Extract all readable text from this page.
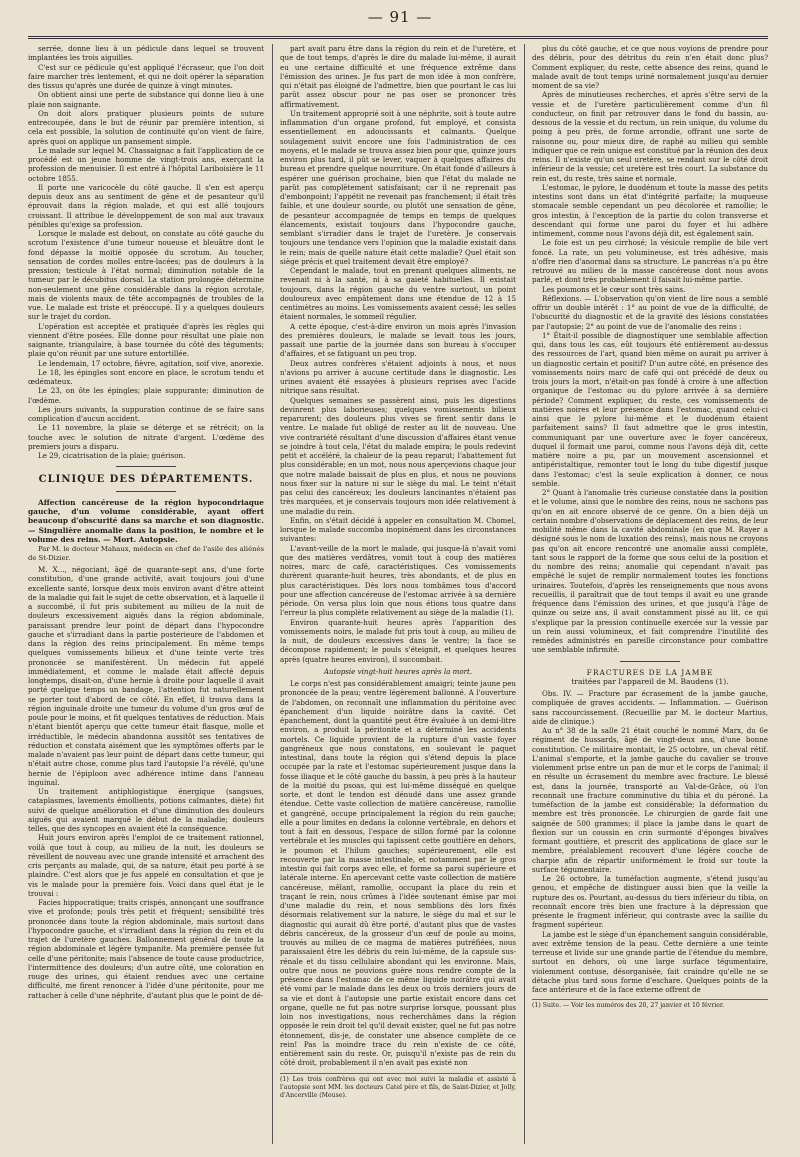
— 91 —

serrée, donne lieu à un pédicule dans lequel se trouvent implantées les trois aiguilles.

C'est sur ce pédicule qu'est appliqué l'écraseur, que l'on doit faire marcher très lentement, et qui ne doit opérer la séparation des tissus qu'après une durée de quinze à vingt minutes.

On obtient ainsi une perte de substance qui donne lieu à une plaie non saignante.

On doit alors pratiquer plusieurs points de suture entrecoupée, dans le but de réunir par première intention, si cela est possible, la solution de continuité qu'on vient de faire, après quoi on applique un pansement simple.

Le malade sur lequel M. Chassaignac a fait l'application de ce procédé est un jeune homme de vingt-trois ans, exerçant la profession de menuisier. Il est entré à l'hôpital Lariboisière le 11 octobre 1855.

Il porte une varicocèle du côté gauche. Il s'en est aperçu depuis deux ans au sentiment de gêne et de pesanteur qu'il éprouvait dans la région malade, et qui est allé toujours croissant. Il attribue le développement de son mal aux travaux pénibles qu'exige sa profession.

Lorsque le malade est debout, on constate au côté gauche du scrotum l'existence d'une tumeur noueuse et bleuâtre dont le fond dépasse la moitié opposée du scrotum. Au toucher, sensation de cordes molles entre-lacées; pas de douleurs à la pression; testicule à l'état normal; diminution notable de la tumeur par le décubitus dorsal. La station prolongée détermine non-seulement une gêne considérable dans la région scrotale, mais de violents maux de tête accompagnés de troubles de la vue. Le malade est triste et préoccupé. Il y a quelques douleurs sur le trajet du cordon.

L'opération est acceptée et pratiquée d'après les règles qui viennent d'être posées. Elle donne pour résultat une plaie non saignante, triangulaire, à base tournée du côté des téguments; plaie qu'on réunit par une suture entortillée.

Le lendemain, 17 octobre, fièvre, agitation, soif vive, anorexie.

Le 18, les épingles sont encore en place, le scrotum tendu et œdémateux.

Le 23, on ôte les épingles; plaie suppurante; diminution de l'œdème.

Les jours suivants, la suppuration continue de se faire sans complication d'aucun accident.

Le 11 novembre, la plaie se déterge et se rétrécit; on la touche avec le solution de nitrate d'argent. L'œdème des premiers jours a disparu.

Le 29, cicatrisation de la plaie; guérison.

CLINIQUE DES DÉPARTEMENTS.

Affection cancéreuse de la région hypocondriaque gauche, d'un volume considérable, ayant offert beaucoup d'obscurité dans sa marche et son diagnostic. — Singulière anomalie dans la position, le nombre et le volume des reins. — Mort. Autopsie.

Par M. le docteur Mahaux, médecin en chef de l'asile des aliénés de St-Dizier.

M. X..., négociant, âgé de quarante-sept ans, d'une forte constitution, d'une grande activité, avait toujours joui d'une excellente santé, lorsque deux mois environ avant d'être atteint de la maladie qui fait le sujet de cette observation, et à laquelle il a succombé, il fut pris subitement au milieu de la nuit de douleurs excessivement aiguës dans la région abdominale, paraissant prendre leur point de départ dans l'hypocondre gauche et s'irradiant dans la partie postérieure de l'abdomen et dans la région des reins principalement. En même temps quelques vomissements bilieux et d'une teinte verte très prononcée se manifestèrent. Un médecin fut appelé immédiatement, et comme le malade était affecté depuis longtemps, disait-on, d'une hernie à droite pour laquelle il avait porté quelque temps un bandage, l'attention fut naturellement se porter tout d'abord de ce côté. En effet, il trouva dans la région inguinale droite une tumeur du volume d'un gros œuf de poule pour le moins, et fit quelques tentatives de réduction. Mais n'étant bientôt aperçu que cette tumeur était flasque, molle et irréductible, le médecin abandonna aussitôt ses tentatives de réduction et constata aisément que les symptômes offerts par le malade n'avaient pas leur point de départ dans cette tumeur, qui n'était autre chose, comme plus tard l'autopsie l'a révélé, qu'une hernie de l'épiploon avec adhérence intime dans l'anneau inguinal.

Un traitement antiphlogistique énergique (sangsues, cataplasmes, lavements émollients, potions calmantes, diète) fut suivi de quelque amélioration et d'une diminution des douleurs aiguës qui avaient marqué le début de la maladie; douleurs telles, que des syncopes en avaient été la conséquence.

Huit jours environ après l'emploi de ce traitement rationnel, voilà que tout à coup, au milieu de la nuit, les douleurs se réveillent de nouveau avec une grande intensité et arrachent des cris perçants au malade, qui, de sa nature, était peu porté à se plaindre. C'est alors que je fus appelé en consultation et que je vis le malade pour la première fois. Voici dans quel état je le trouvai :

Facies hippocratique; traits crispés, annonçant une souffrance vive et profonde; pouls très petit et fréquent; sensibilité très prononcée dans toute la région abdominale, mais surtout dans l'hypocondre gauche, et s'irradiant dans la région du rein et du trajet de l'uretère gauches. Ballonnement général de toute la région abdominale et légère tympanite. Ma première pensée fut celle d'une péritonite; mais l'absence de toute cause productrice, l'intermittence des douleurs; d'un autre côté, une coloration en rouge des urines, qui étaient rendues avec une certaine difficulté, me firent renoncer à l'idée d'une péritonite, pour me rattacher à celle d'une néphrite, d'autant plus que le point de dé-

part avait paru être dans la région du rein et de l'uretère, et que de tout temps, d'après le dire du malade lui-même, il aurait eu une certaine difficulté et une fréquence extrême dans l'émission des urines. Je fus part de mon idée à mon confrère, qui n'était pas éloigné de l'admettre, bien que pourtant le cas lui parût assez obscur pour ne pas oser se prononcer très affirmativement.

Un traitement approprié soit à une néphrite, soit à toute autre inflammation d'un organe profond, fut employé, et consista essentiellement en adoucissants et calmants. Quelque soulagement suivit encore une fois l'administration de ces moyens, et le malade se trouva assez bien pour que, quinze jours environ plus tard, il pût se lever, vaquer à quelques affaires du bureau et prendre quelque nourriture. On était fondé d'ailleurs à espérer une guérison prochaine, bien que l'état du malade ne parût pas complètement satisfaisant; car il ne reprenait pas d'embonpoint; l'appétit ne revenait pas franchement; il était très faible, et une douleur sourde, ou plutôt une sensation de gêne, de pesanteur accompagnée de temps en temps de quelques élancements, existait toujours dans l'hypocondre gauche, semblant s'irradier dans le trajet de l'uretère. Je conservais toujours une tendance vers l'opinion que la maladie existait dans le rein; mais de quelle nature était cette maladie? Quel était son siège précis et quel traitement devait être employé?

Cependant le malade, tout en prenant quelques aliments, ne revenait ni à la santé, ni à sa gaieté habituelles. Il existait toujours, dans la région gauche du ventre surtout, un point douloureux avec empâtement dans une étendue de 12 à 15 centimètres au moins. Les vomissements avaient cessé; les selles étaient normales, le sommeil régulier.

A cette époque, c'est-à-dire environ un mois après l'invasion des premières douleurs, le malade se levait tous les jours, passait une partie de la journée dans son bureau à s'occuper d'affaires, et se fatiguant un peu trop.

Deux autres confrères s'étaient adjoints à nous, et nous n'avions pu arriver à aucune certitude dans le diagnostic. Les urines avaient été essayées à plusieurs reprises avec l'acide nitrique sans résultat.

Quelques semaines se passèrent ainsi, puis les digestions devinrent plus laborieuses; quelques vomissements bilieux reparurent; des douleurs plus vives se firent sentir dans le ventre. Le malade fut obligé de rester au lit de nouveau. Une vive contrariété résultant d'une discussion d'affaires étant venue se joindre à tout cela, l'état du malade empira; le pouls redevint petit et accéléré, la chaleur de la peau reparut; l'abattement fut plus considérable; en un mot, nous nous aperçevions chaque jour que notre malade baissait de plus en plus, et nous ne pouvions nous fixer sur la nature ni sur le siège du mal. Le teint n'était pas celui des cancéreux; les douleurs lancinantes n'étaient pas très marquées, et je conservais toujours mon idée relativement à une maladie du rein.

Enfin, on s'était décidé à appeler en consultation M. Chomel, lorsque le malade succomba inopinément dans les circonstances suivantes:

L'avant-veille de la mort le malade, qui jusque-là n'avait vomi que des matières verdâtres, vomit tout à coup des matières noires, marc de café, caractéristiques. Ces vomissements durèrent quarante-huit heures, très abondants, et de plus en plus caractéristiques. Dès lors nous tombâmes tous d'accord pour une affection cancéreuse de l'estomac arrivée à sa dernière période. On versa plus loin que nous étions tous quatre dans l'erreur la plus complète relativement au siège de la maladie (1).

Environ quarante-huit heures après l'apparition des vomissements noirs, le malade fut pris tout à coup, au milieu de la nuit, de douleurs excessives dans le ventre; la face se décompose rapidement; le pouls s'éteignit, et quelques heures après (quatre heures environ), il succombait.

Autopsie vingt-huit heures après la mort.

Le corps n'est pas considérablement amaigri; teinte jaune peu prononcée de la peau; ventre légèrement ballonné. A l'ouverture de l'abdomen, on reconnaît une inflammation du péritoine avec épanchement d'un liquide noirâtre dans la cavité. Cet épanchement, dont la quantité peut être évaluée à un demi-litre environ, a produit la péritonite et a déterminé les accidents mortels. Ce liquide provient de la rupture d'un vaste foyer gangréneux que nous constatons, en soulevant le paquet intestinal, dans toute la région qui s'étend depuis la place occupée par la rate et l'estomac supérieurement jusque dans la fosse iliaque et le côté gauche du bassin, à peu près à la hauteur de la moitié du psoas, qui est lui-même disséqué en quelque sorte, et dont le tendon est dénudé dans une assez grande étendue. Cette vaste collection de matière cancéreuse, ramollie et gangréné, occupe principalement la région du rein gauche; elle a pour limites en dedans la colonne vertébrale, en dehors et tout à fait en dessous, l'espace de sillon formé par la colonne vertébrale et les muscles qui tapissent cette gouttière en dehors, le poumon et l'hilum gauches; supérieurement, elle est recouverte par la masse intestinale, et notamment par le gros intestin qui fait corps avec elle, et forme sa paroi supérieure et latérale interne. En apercevant cette vaste collection de matière cancéreuse, mêlant, ramollie, occupant la place du rein et traçant le rein, nous crûmes à l'idée soutenant émise par moi d'une maladie du rein, et nous semblions dès lors fixés désormais relativement sur la nature, le siège du mal et sur le diagnostic qui aurait dû être porté, d'autant plus que de vastes débris cancéreux, de la grosseur d'un œuf de poule au moins, trouvés au milieu de ce magma de matières putréfiées, nous paraissaient être les débris du rein lui-même, de la capsule sus-rénale et du tissu cellulaire abondant qui les environne. Mais, outre que nous ne pouvions guère nous rendre compte de la présence dans l'estomac de ce même liquide noirâtre qui avait été vomi par le malade dans les deux ou trois derniers jours de sa vie et dont à l'autopsie une partie existait encore dans cet organe, quelle ne fut pas notre surprise lorsque, poussant plus loin nos investigations, nous recherchâmes dans la région opposée le rein droit tel qu'il devait exister, quel ne fut pas notre étonnement, dis-je, de constater une absence complète de ce rein! Pas la moindre trace du rein n'existe de ce côté, entièrement sain du reste. Or, puisqu'il n'existe pas de rein du côté droit, probablement il n'en avait pas existé non

(1) Les trois confrères qui ont avec moi suivi la maladie et assisté à l'autopsie sont MM. les docteurs Catel père et fils, de Saint-Dizier, et Jolly, d'Ancerville (Meuse).

plus du côté gauche, et ce que nous voyions de prendre pour des débris, pour des détritus du rein n'en était donc plus? Comment expliquer, du reste, cette absence des reins, quand le malade avait de tout temps uriné normalement jusqu'au dernier moment de sa vie?

Après de minutieuses recherches, et après s'être servi de la vessie et de l'uretère particulièrement comme d'un fil conducteur, on finit par retrouver dans le fond du bassin, au-dessous de la vessie et du rectum, un rein unique, du volume du poing à peu près, de forme arrondie, offrant une sorte de raisonne ou, pour mieux dire, de raphé au milieu qui semble indiquer que ce rein unique est constitué par la réunion des deux reins. Il n'existe qu'un seul uretère, se rendant sur le côté droit inférieur de la vessie; cet uretère est très court. La substance du rein est, du reste, très saine et normale.

L'estomac, le pylore, le duodénum et toute la masse des petits intestins sont dans un état d'intégrité parfaite; la muqueuse stomacale semble cependant un peu décolorée et ramollie; le gros intestin, à l'exception de la partie du colon transverse et descendant qui forme une paroi du foyer et lui adhère intimement, comme nous l'avons déjà dit, est également sain.

Le foie est un peu cirrhosé; la vésicule remplie de bile vert foncé. La rate, un peu volumineuse, est très adhésive, mais n'offre rien d'anormal dans sa structure. Le pancréas n'a pu être retrouvé au milieu de la masse cancéreuse dont nous avons parlé, et dont très probablement il faisait lui-même partie.

Les poumons et le cœur sont très sains.

Réflexions. — L'observation qu'on vient de lire nous a semblé offrir un double intérêt : 1° au point de vue de la difficulté, de l'obscurité du diagnostic et de la gravité des lésions constatées par l'autopsie; 2° au point de vue de l'anomalie des reins :

1° Était-il possible de diagnostiquer une semblable affection qui, dans tous les cas, eût toujours été entièrement au-dessus des ressources de l'art, quand bien même on aurait pu arriver à un diagnostic certain et positif? D'un autre côté, en présence des vomissements noirs marc de café qui ont précédé de deux ou trois jours la mort, n'était-on pas fondé à croire à une affection organique de l'estomac ou du pylore arrivée à sa dernière période? Comment expliquer, du reste, ces vomissements de matières noires et leur présence dans l'estomac, quand celui-ci ainsi que le pylore lui-même et le duodénum étaient parfaitement sains? Il faut admettre que le gros intestin, communiquant par une ouverture avec le foyer cancéreux, duquel il formait une paroi, comme nous l'avons déjà dit, cette matière noire a pu, par un mouvement ascensionnel et antipéristaltique, remonter tout le long du tube digestif jusque dans l'estomac; c'est la seule explication à donner, ce nous semble.

2° Quant à l'anomalie très curieuse constatée dans la position et le volume, ainsi que le nombre des reins, nous ne sachons pas qu'on en ait encore observé de ce genre. On a bien déjà un certain nombre d'observations de déplacement des reins, de leur mobilité même dans la cavité abdominale (en que M. Rayer a désigné sous le nom de luxation des reins), mais nous ne croyons pas qu'on ait encore rencontré une anomalie aussi complète, tant sous le rapport de la forme que sous celui de la position et du nombre des reins; anomalie qui cependant n'avait pas empêché le sujet de remplir normalement toutes les fonctions urinaires. Toutefois, d'après les renseignements que nous avons recueillis, il paraîtrait que de tout temps il avait eu une grande fréquence dans l'émission des urines, et que jusqu'à l'âge de quinze ou seize ans, il avait constamment pissé au lit, ce qui s'explique par la pression continuelle exercée sur la vessie par un rein aussi volumineux, et fait comprendre l'inutilité des remèdes administrés en pareille circonstance pour combattre une semblable infirmité.

FRACTURES DE LA JAMBE
traitées par l'appareil de M. Baudens (1).

Obs. IV. — Fracture par écrasement de la jambe gauche, compliquée de graves accidents. — Inflammation. — Guérison sans raccourcissement. (Recueillie par M. le docteur Martius, aide de clinique.)

Au n° 38 de la salle 21 était couché le nommé Marx, du 6e régiment de hussards, âgé de vingt-deux ans, d'une bonne constitution. Ce militaire montait, le 25 octobre, un cheval rétif. L'animal s'emporte, et la jambe gauche du cavalier se trouve violemment prise entre un pan de mur et le corps de l'animal; il en résulte un écrasement du membre avec fracture. Le blessé est, dans la journée, transporté au Val-de-Grâce, où l'on reconnaît une fracture comminutive du tibia et du péroné. La tuméfaction de la jambe est considérable; la déformation du membre est très prononcée. Le chirurgien de garde fait une saignée de 500 grammes; il place la jambe dans le quart de flexion sur un coussin en crin surmonté d'éponges bivalves formant gouttière, et prescrit des applications de glace sur le membre, préalablement recouvert d'une légère couche de charpie afin de répartir uniformément le froid sur toute la surface tégumentaire.

Le 26 octobre, la tuméfaction augmente, s'étend jusqu'au genou, et empêche de distinguer aussi bien que la veille la rupture des os. Pourtant, au-dessus du tiers inférieur du tibia, on reconnaît encore très bien une fracture à la dépression que présente le fragment inférieur, qui contraste avec la saillie du fragment supérieur.

La jambe est le siège d'un épanchement sanguin considérable, avec extrême tension de la peau. Cette dernière a une teinte terreuse et livide sur une grande partie de l'étendue du membre, surtout en dehors, où une large surface tégumentaire, violemment contuse, désorganisée, fait craindre qu'elle ne se détache plus tard sous forme d'eschare. Quelques points de la face antérieure et de la face externe offrent de

(1) Suite. — Voir les numéros des 20, 27 janvier et 10 février.
